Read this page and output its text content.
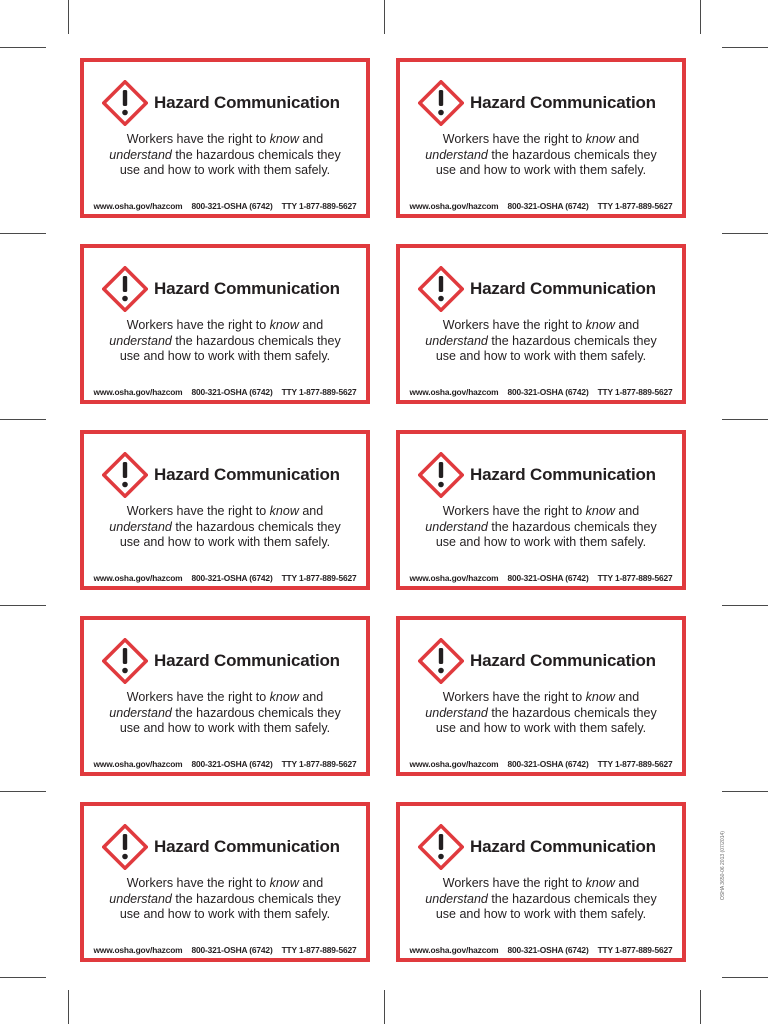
Hazard Communication
Workers have the right to know and
understand the hazardous chemicals they
use and how to work with them safely.
www.osha.gov/hazcom 800-321-OSHA (6742) TTY 1-877-889-5627
Hazard Communication
Workers have the right to know and
understand the hazardous chemicals they
use and how to work with them safely.
www.osha.gov/hazcom 800-321-OSHA (6742) TTY 1-877-889-5627
Hazard Communication
Workers have the right to know and
understand the hazardous chemicals they
use and how to work with them safely.
www.osha.gov/hazcom 800-321-OSHA (6742) TTY 1-877-889-5627
Hazard Communication
Workers have the right to know and
understand the hazardous chemicals they
use and how to work with them safely.
www.osha.gov/hazcom 800-321-OSHA (6742) TTY 1-877-889-5627
Hazard Communication
Workers have the right to know and
understand the hazardous chemicals they
use and how to work with them safely.
www.osha.gov/hazcom 800-321-OSHA (6742) TTY 1-877-889-5627
Hazard Communication
Workers have the right to know and
understand the hazardous chemicals they
use and how to work with them safely.
www.osha.gov/hazcom 800-321-OSHA (6742) TTY 1-877-889-5627
Hazard Communication
Workers have the right to know and
understand the hazardous chemicals they
use and how to work with them safely.
www.osha.gov/hazcom 800-321-OSHA (6742) TTY 1-877-889-5627
Hazard Communication
Workers have the right to know and
understand the hazardous chemicals they
use and how to work with them safely.
www.osha.gov/hazcom 800-321-OSHA (6742) TTY 1-877-889-5627
Hazard Communication
Workers have the right to know and
understand the hazardous chemicals they
use and how to work with them safely.
www.osha.gov/hazcom 800-321-OSHA (6742) TTY 1-877-889-5627
Hazard Communication
Workers have the right to know and
understand the hazardous chemicals they
use and how to work with them safely.
www.osha.gov/hazcom 800-321-OSHA (6742) TTY 1-877-889-5627
OSHA 3650-06 2013 (07/2014)
